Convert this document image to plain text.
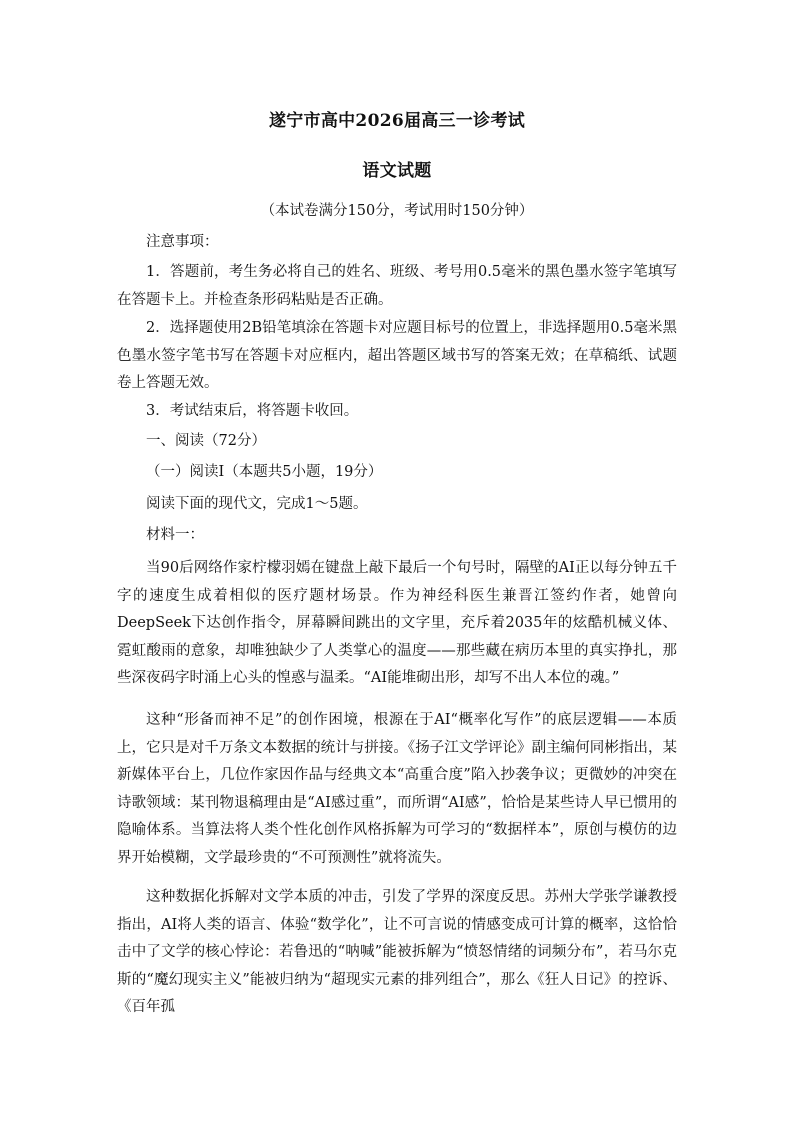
遂宁市高中2026届高三一诊考试
语文试题
（本试卷满分150分，考试用时150分钟）
注意事项：
1．答题前，考生务必将自己的姓名、班级、考号用0.5毫米的黑色墨水签字笔填写在答题卡上。并检查条形码粘贴是否正确。
2．选择题使用2B铅笔填涂在答题卡对应题目标号的位置上，非选择题用0.5毫米黑色墨水签字笔书写在答题卡对应框内，超出答题区域书写的答案无效；在草稿纸、试题卷上答题无效。
3．考试结束后，将答题卡收回。
一、阅读（72分）
（一）阅读Ⅰ（本题共5小题，19分）
阅读下面的现代文，完成1～5题。
材料一：
当90后网络作家柠檬羽嫣在键盘上敲下最后一个句号时，隔壁的AI正以每分钟五千字的速度生成着相似的医疗题材场景。作为神经科医生兼晋江签约作者，她曾向DeepSeek下达创作指令，屏幕瞬间跳出的文字里，充斥着2035年的炫酷机械义体、霓虹酸雨的意象，却唯独缺少了人类掌心的温度——那些藏在病历本里的真实挣扎，那些深夜码字时涌上心头的惶惑与温柔。“AI能堆砌出形，却写不出人本位的魂。”
这种“形备而神不足”的创作困境，根源在于AI“概率化写作”的底层逻辑——本质上，它只是对千万条文本数据的统计与拼接。《扬子江文学评论》副主编何同彬指出，某新媒体平台上，几位作家因作品与经典文本“高重合度”陷入抄袭争议；更微妙的冲突在诗歌领域：某刊物退稿理由是“AI感过重”，而所谓“AI感”，恰恰是某些诗人早已惯用的隐喻体系。当算法将人类个性化创作风格拆解为可学习的“数据样本”，原创与模仿的边界开始模糊，文学最珍贵的“不可预测性”就将流失。
这种数据化拆解对文学本质的冲击，引发了学界的深度反思。苏州大学张学谦教授指出，AI将人类的语言、体验“数学化”，让不可言说的情感变成可计算的概率，这恰恰击中了文学的核心悖论：若鲁迅的“呐喊”能被拆解为“愤怒情绪的词频分布”，若马尔克斯的“魔幻现实主义”能被归纳为“超现实元素的排列组合”，那么《狂人日记》的控诉、《百年孤
